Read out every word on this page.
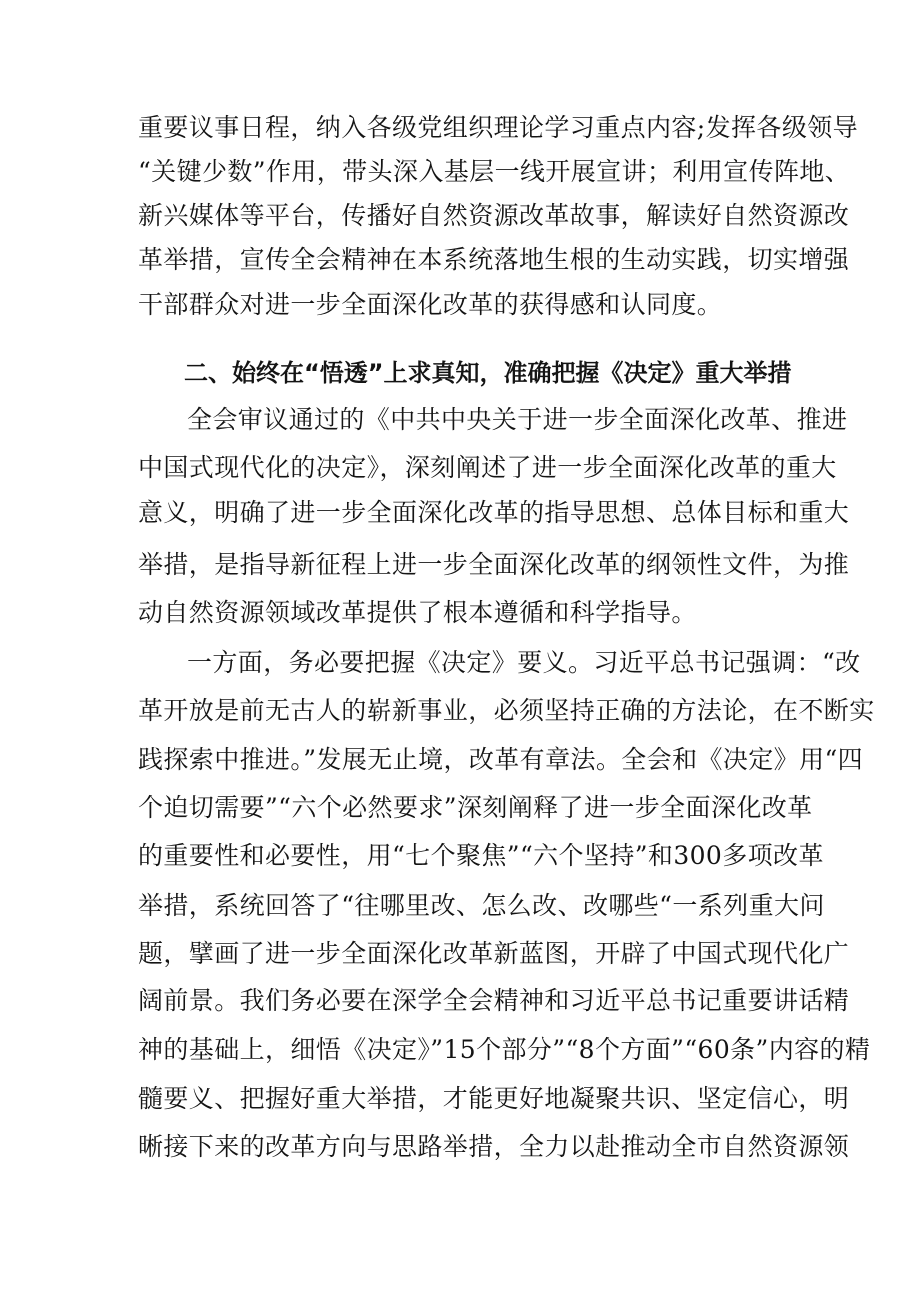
重要议事日程，纳入各级党组织理论学习重点内容;发挥各级领导
“关键少数”作用，带头深入基层一线开展宣讲；利用宣传阵地、
新兴媒体等平台，传播好自然资源改革故事，解读好自然资源改
革举措，宣传全会精神在本系统落地生根的生动实践，切实增强
干部群众对进一步全面深化改革的获得感和认同度。
二、始终在“悟透”上求真知，准确把握《决定》重大举措
全会审议通过的《中共中央关于进一步全面深化改革、推进
中国式现代化的决定》，深刻阐述了进一步全面深化改革的重大
意义，明确了进一步全面深化改革的指导思想、总体目标和重大
举措，是指导新征程上进一步全面深化改革的纲领性文件，为推
动自然资源领域改革提供了根本遵循和科学指导。
一方面，务必要把握《决定》要义。习近平总书记强调：“改
革开放是前无古人的崭新事业，必须坚持正确的方法论，在不断实
践探索中推进。”发展无止境，改革有章法。全会和《决定》用“四
个迫切需要”“六个必然要求”深刻阐释了进一步全面深化改革
的重要性和必要性，用“七个聚焦”“六个坚持”和300多项改革
举措，系统回答了“往哪里改、怎么改、改哪些“一系列重大问
题，擘画了进一步全面深化改革新蓝图，开辟了中国式现代化广
阔前景。我们务必要在深学全会精神和习近平总书记重要讲话精
神的基础上，细悟《决定》”15个部分”“8个方面”“60条”内容的精
髓要义、把握好重大举措，才能更好地凝聚共识、坚定信心，明
晰接下来的改革方向与思路举措，全力以赴推动全市自然资源领
